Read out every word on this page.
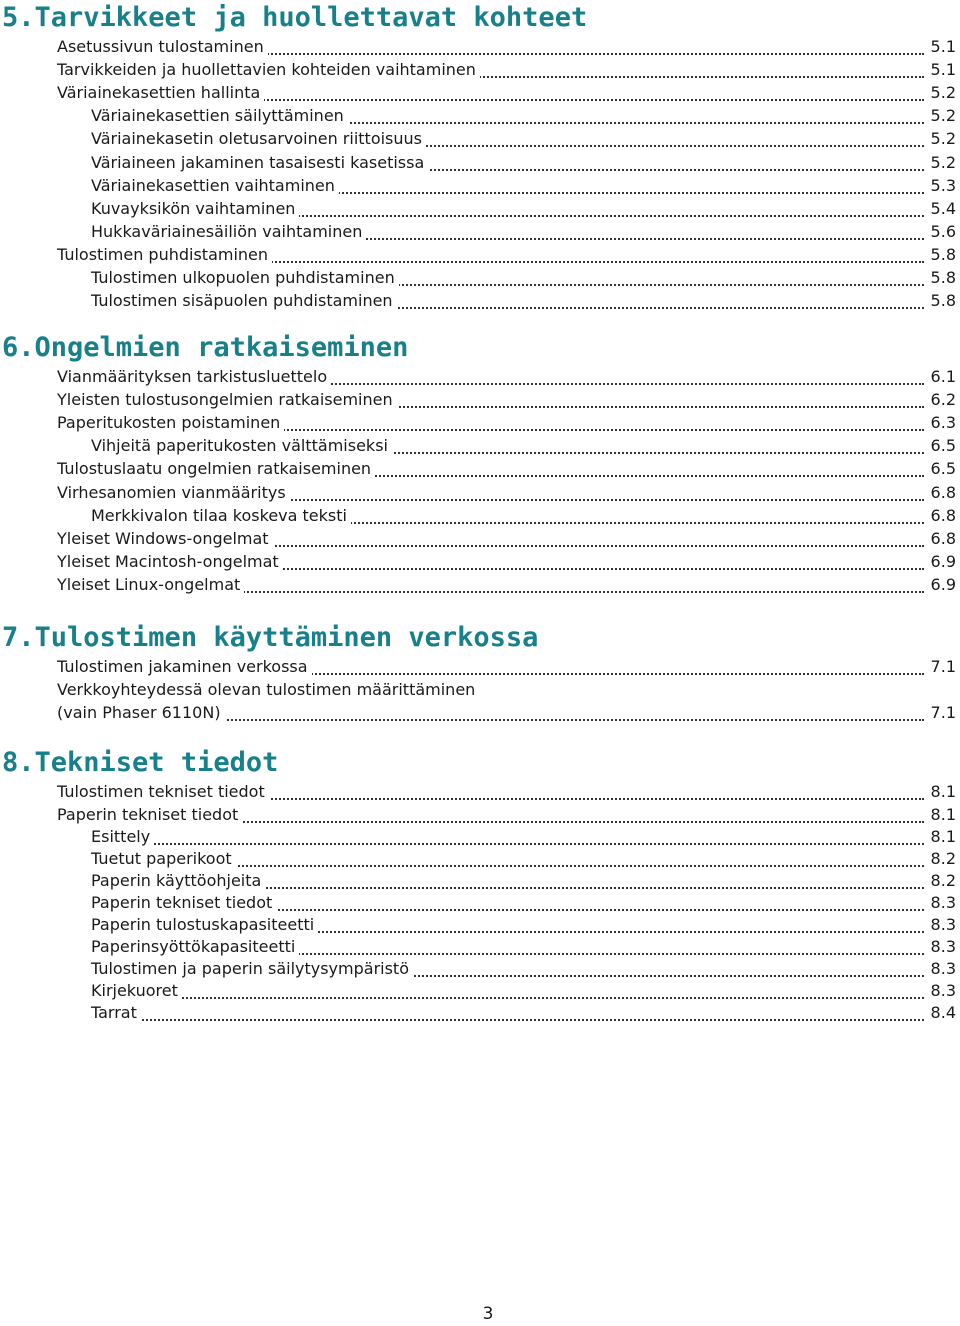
5.Tarvikkeet ja huollettavat kohteet
Asetussivun tulostaminen	5.1
Tarvikkeiden ja huollettavien kohteiden vaihtaminen	5.1
Väriainekasettien hallinta	5.2
Väriainekasettien säilyttäminen	5.2
Väriainekasetin oletusarvoinen riittoisuus	5.2
Väriaineen jakaminen tasaisesti kasetissa	5.2
Väriainekasettien vaihtaminen	5.3
Kuvayksikön vaihtaminen	5.4
Hukkaväriainesäiliön vaihtaminen	5.6
Tulostimen puhdistaminen	5.8
Tulostimen ulkopuolen puhdistaminen	5.8
Tulostimen sisäpuolen puhdistaminen	5.8
6.Ongelmien ratkaiseminen
Vianmäärityksen tarkistusluettelo	6.1
Yleisten tulostusongelmien ratkaiseminen	6.2
Paperitukosten poistaminen	6.3
Vihjeitä paperitukosten välttämiseksi	6.5
Tulostuslaatu ongelmien ratkaiseminen	6.5
Virhesanomien vianmääritys	6.8
Merkkivalon tilaa koskeva teksti	6.8
Yleiset Windows-ongelmat	6.8
Yleiset Macintosh-ongelmat	6.9
Yleiset Linux-ongelmat	6.9
7.Tulostimen käyttäminen verkossa
Tulostimen jakaminen verkossa	7.1
Verkkoyhteydessä olevan tulostimen määrittäminen
(vain Phaser 6110N)	7.1
8.Tekniset tiedot
Tulostimen tekniset tiedot	8.1
Paperin tekniset tiedot	8.1
Esittely	8.1
Tuetut paperikoot	8.2
Paperin käyttöohjeita	8.2
Paperin tekniset tiedot	8.3
Paperin tulostuskapasiteetti	8.3
Paperinsyöttökapasiteetti	8.3
Tulostimen ja paperin säilytysympäristö	8.3
Kirjekuoret	8.3
Tarrat	8.4
3
